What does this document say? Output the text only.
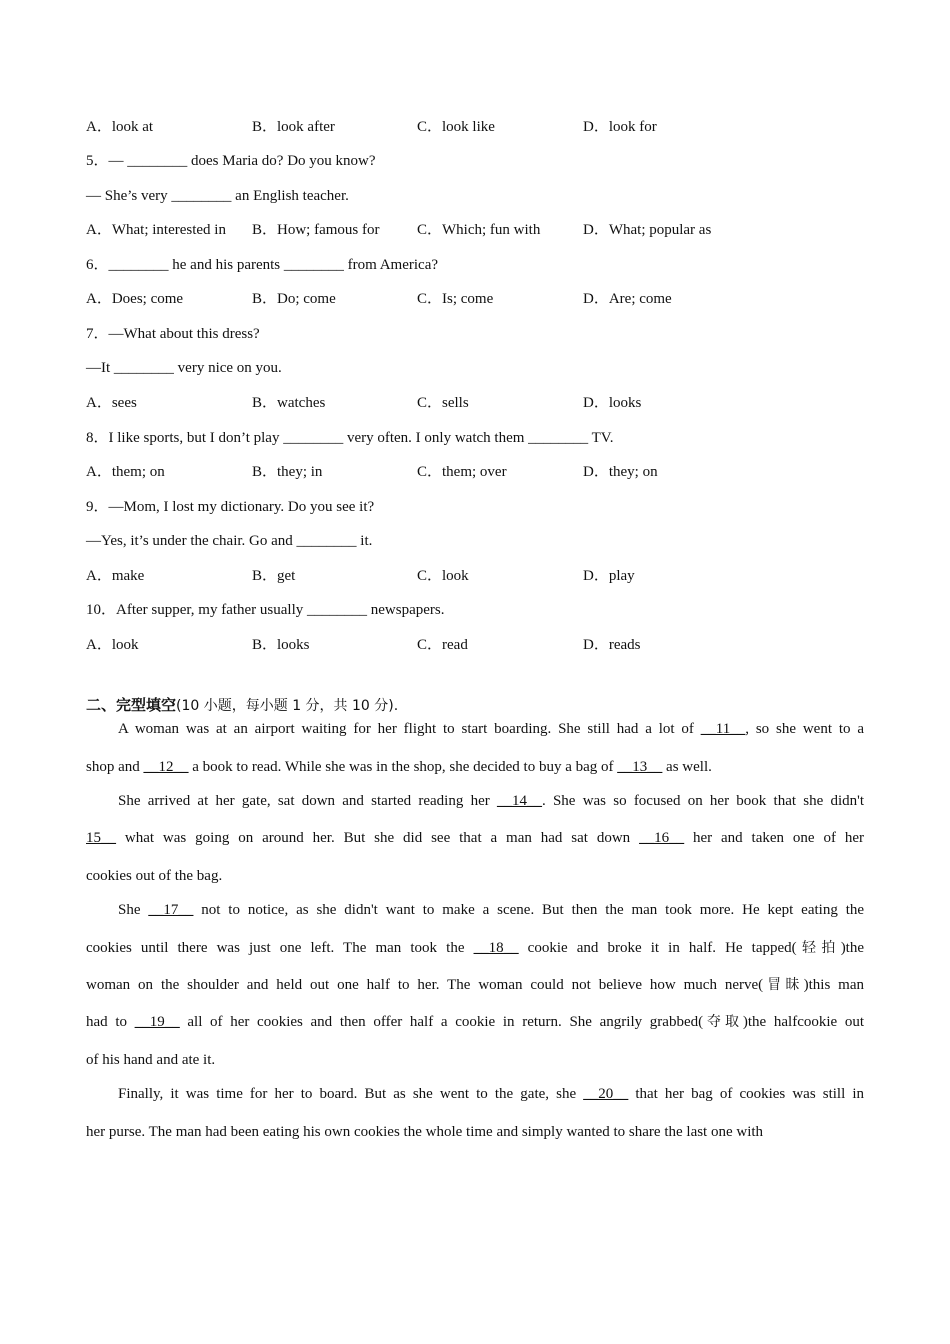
A．look at	B．look after	C．look like	D．look for
5．— ________ does Maria do? Do you know?
— She’s very ________ an English teacher.
A．What; interested in B．How; famous for	C．Which; fun with	D．What; popular as
6．________ he and his parents ________ from America?
A．Does; come	B．Do; come	C．Is; come	D．Are; come
7．—What about this dress?
—It ________ very nice on you.
A．sees	B．watches	C．sells	D．looks
8．I like sports, but I don’t play ________ very often. I only watch them ________ TV.
A．them; on	B．they; in	C．them; over	D．they; on
9．—Mom, I lost my dictionary. Do you see it?
—Yes, it’s under the chair. Go and ________ it.
A．make	B．get	C．look	D．play
10．After supper, my father usually ________ newspapers.
A．look	B．looks	C．read	D．reads
二、完型填空(10 小题，每小题 1 分，共 10 分).
A woman was at an airport waiting for her flight to start boarding. She still had a lot of __11__, so she went to a
shop and __12__ a book to read. While she was in the shop, she decided to buy a bag of __13__ as well.
She arrived at her gate, sat down and started reading her __14__. She was so focused on her book that she didn't
15__ what was going on around her. But she did see that a man had sat down __16__ her and taken one of her
cookies out of the bag.
She __17__ not to notice, as she didn't want to make a scene. But then the man took more. He kept eating the
cookies until there was just one left. The man took the __18__ cookie and broke it in half. He tapped(轻拍)the
woman on the shoulder and held out one half to her. The woman could not believe how much nerve(冒昧)this man
had to __19__ all of her cookies and then offer half a cookie in return. She angrily grabbed(夺取)the halfcookie out
of his hand and ate it.
Finally, it was time for her to board. But as she went to the gate, she __20__ that her bag of cookies was still in
her purse. The man had been eating his own cookies the whole time and simply wanted to share the last one with
